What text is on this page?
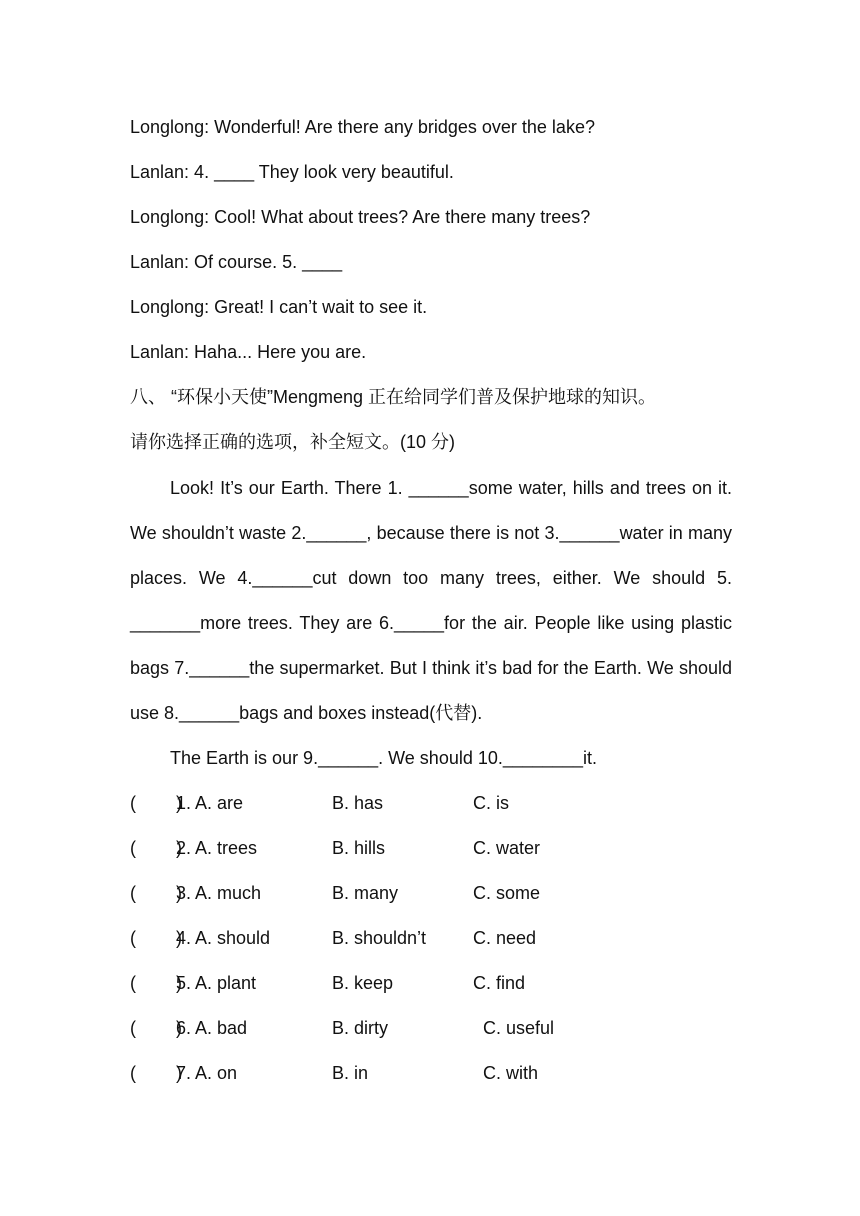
Longlong: Wonderful! Are there any bridges over the lake?
Lanlan: 4. ____ They look very beautiful.
Longlong: Cool! What about trees? Are there many trees?
Lanlan: Of course. 5. ____
Longlong: Great! I can’t wait to see it.
Lanlan: Haha... Here you are.
八、 “环保小天使”Mengmeng 正在给同学们普及保护地球的知识。
请你选择正确的选项，补全短文。(10 分)
Look! It’s our Earth. There 1. ______some water, hills and trees on it. We shouldn’t waste 2.______, because there is not 3.______water in many places. We 4.______cut down too many trees, either. We should 5. _______more trees. They are 6._____for the air. People like using plastic bags 7.______the supermarket. But I think it’s bad for the Earth. We should use 8.______bags and boxes instead(代替).
The Earth is our 9.______. We should 10.________it.
(        )
1. A. are	B. has	C. is
(        )
2. A. trees	B. hills	C. water
(        )
3. A. much	B. many	C. some
(        )
4. A. should	B. shouldn’t	C. need
(        )
5. A. plant	B. keep	C. find
(        )
6. A. bad	B. dirty	C. useful
(        )
7. A. on	B. in	C. with
